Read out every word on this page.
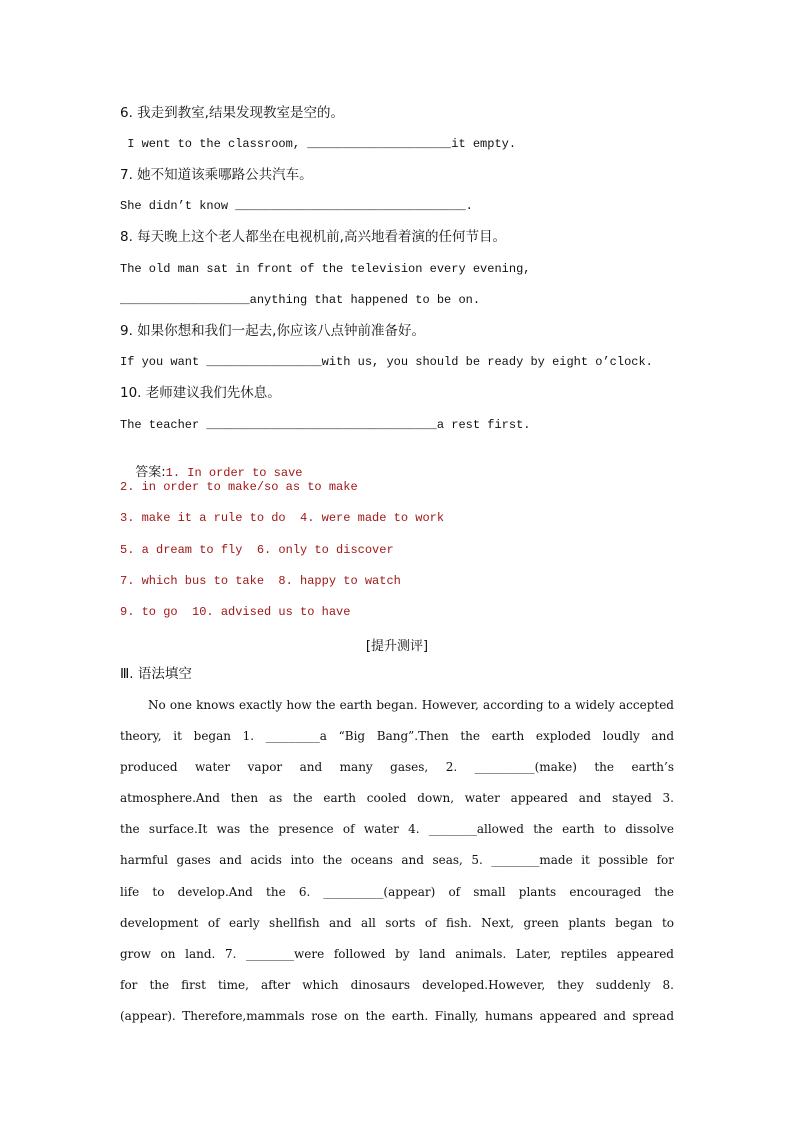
6. 我走到教室,结果发现教室是空的。
I went to the classroom, ____________________it empty.
7. 她不知道该乘哪路公共汽车。
She didn’t know ________________________________.
8. 每天晚上这个老人都坐在电视机前,高兴地看着演的任何节目。
The old man sat in front of the television every evening,
__________________anything that happened to be on.
9. 如果你想和我们一起去,你应该八点钟前准备好。
If you want ________________with us, you should be ready by eight o’clock.
10. 老师建议我们先休息。
The teacher ________________________________a rest first.

答案:1. In order to save

2. in order to make/so as to make
3. make it a rule to do  4. were made to work
5. a dream to fly  6. only to discover
7. which bus to take  8. happy to watch
9. to go  10. advised us to have
[提升测评]
Ⅲ. 语法填空
No one knows exactly how the earth began. However, according to a widely accepted
theory, it began 1. _________a “Big Bang”.Then the earth exploded loudly and
produced water vapor and many gases, 2. __________(make) the earth’s
atmosphere.And then as the earth cooled down, water appeared and stayed 3.
the surface.It was the presence of water 4. ________allowed the earth to dissolve
harmful gases and acids into the oceans and seas, 5. ________made it possible for
life to develop.And the 6. __________(appear) of small plants encouraged the
development of early shellfish and all sorts of fish. Next, green plants began to
grow on land. 7. ________were followed by land animals. Later, reptiles appeared
for the first time, after which dinosaurs developed.However, they suddenly 8.
(appear). Therefore,mammals rose on the earth. Finally, humans appeared and spread
